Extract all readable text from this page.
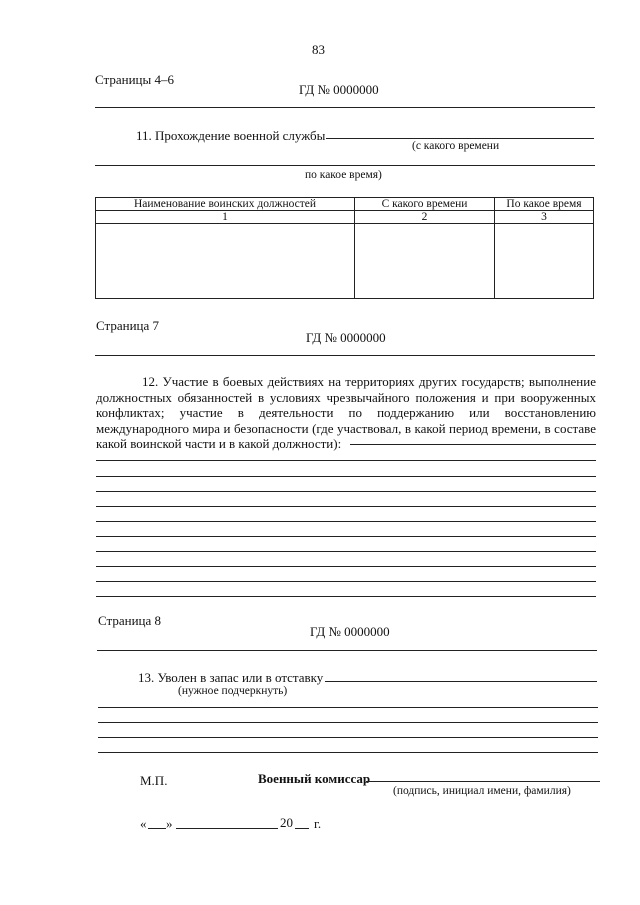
83
Страницы 4–6
ГД № 0000000
11. Прохождение военной службы
(с какого времени
по какое время)
Наименование воинских должностей	С какого времени	По какое время
1	2	3

Страница 7
ГД № 0000000
12. Участие в боевых действиях на территориях других государств; выполнение должностных обязанностей в условиях чрезвычайного положения и при вооруженных конфликтах; участие в деятельности по поддержанию или восстановлению международного мира и безопасности (где участвовал, в какой период времени, в составе какой воинской части и в какой должности):
Страница 8
ГД № 0000000
13. Уволен в запас или в отставку
(нужное подчеркнуть)
М.П.	Военный комиссар
(подпись, инициал имени, фамилия)
« »	20 г.
